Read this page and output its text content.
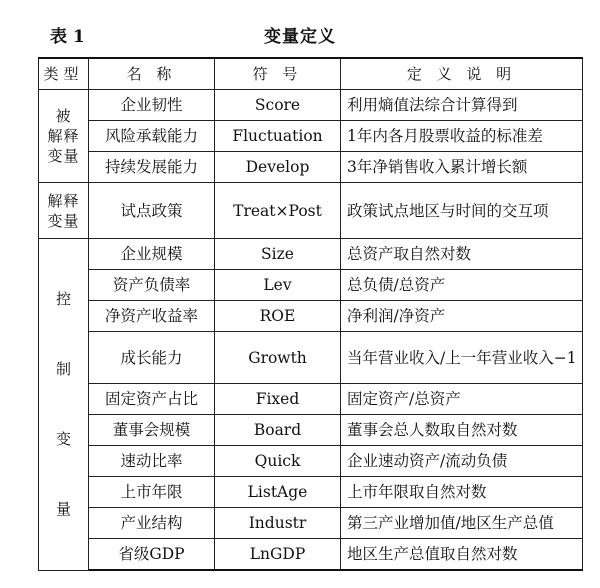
表 1	变量定义
类型	名 称	符 号	定 义 说 明

被
解释
变量	企业韧性	Score	利用熵值法综合计算得到
	风险承载能力	Fluctuation	1年内各月股票收益的标准差
	持续发展能力	Develop	3年净销售收入累计增长额

解释
变量	试点政策	Treat×Post	政策试点地区与时间的交互项

控
制
变
量	企业规模	Size	总资产取自然对数
	资产负债率	Lev	总负债/总资产
	净资产收益率	ROE	净利润/净资产
	成长能力	Growth	当年营业收入/上一年营业收入−1
	固定资产占比	Fixed	固定资产/总资产
	董事会规模	Board	董事会总人数取自然对数
	速动比率	Quick	企业速动资产/流动负债
	上市年限	ListAge	上市年限取自然对数
	产业结构	Industr	第三产业增加值/地区生产总值
	省级GDP	LnGDP	地区生产总值取自然对数
